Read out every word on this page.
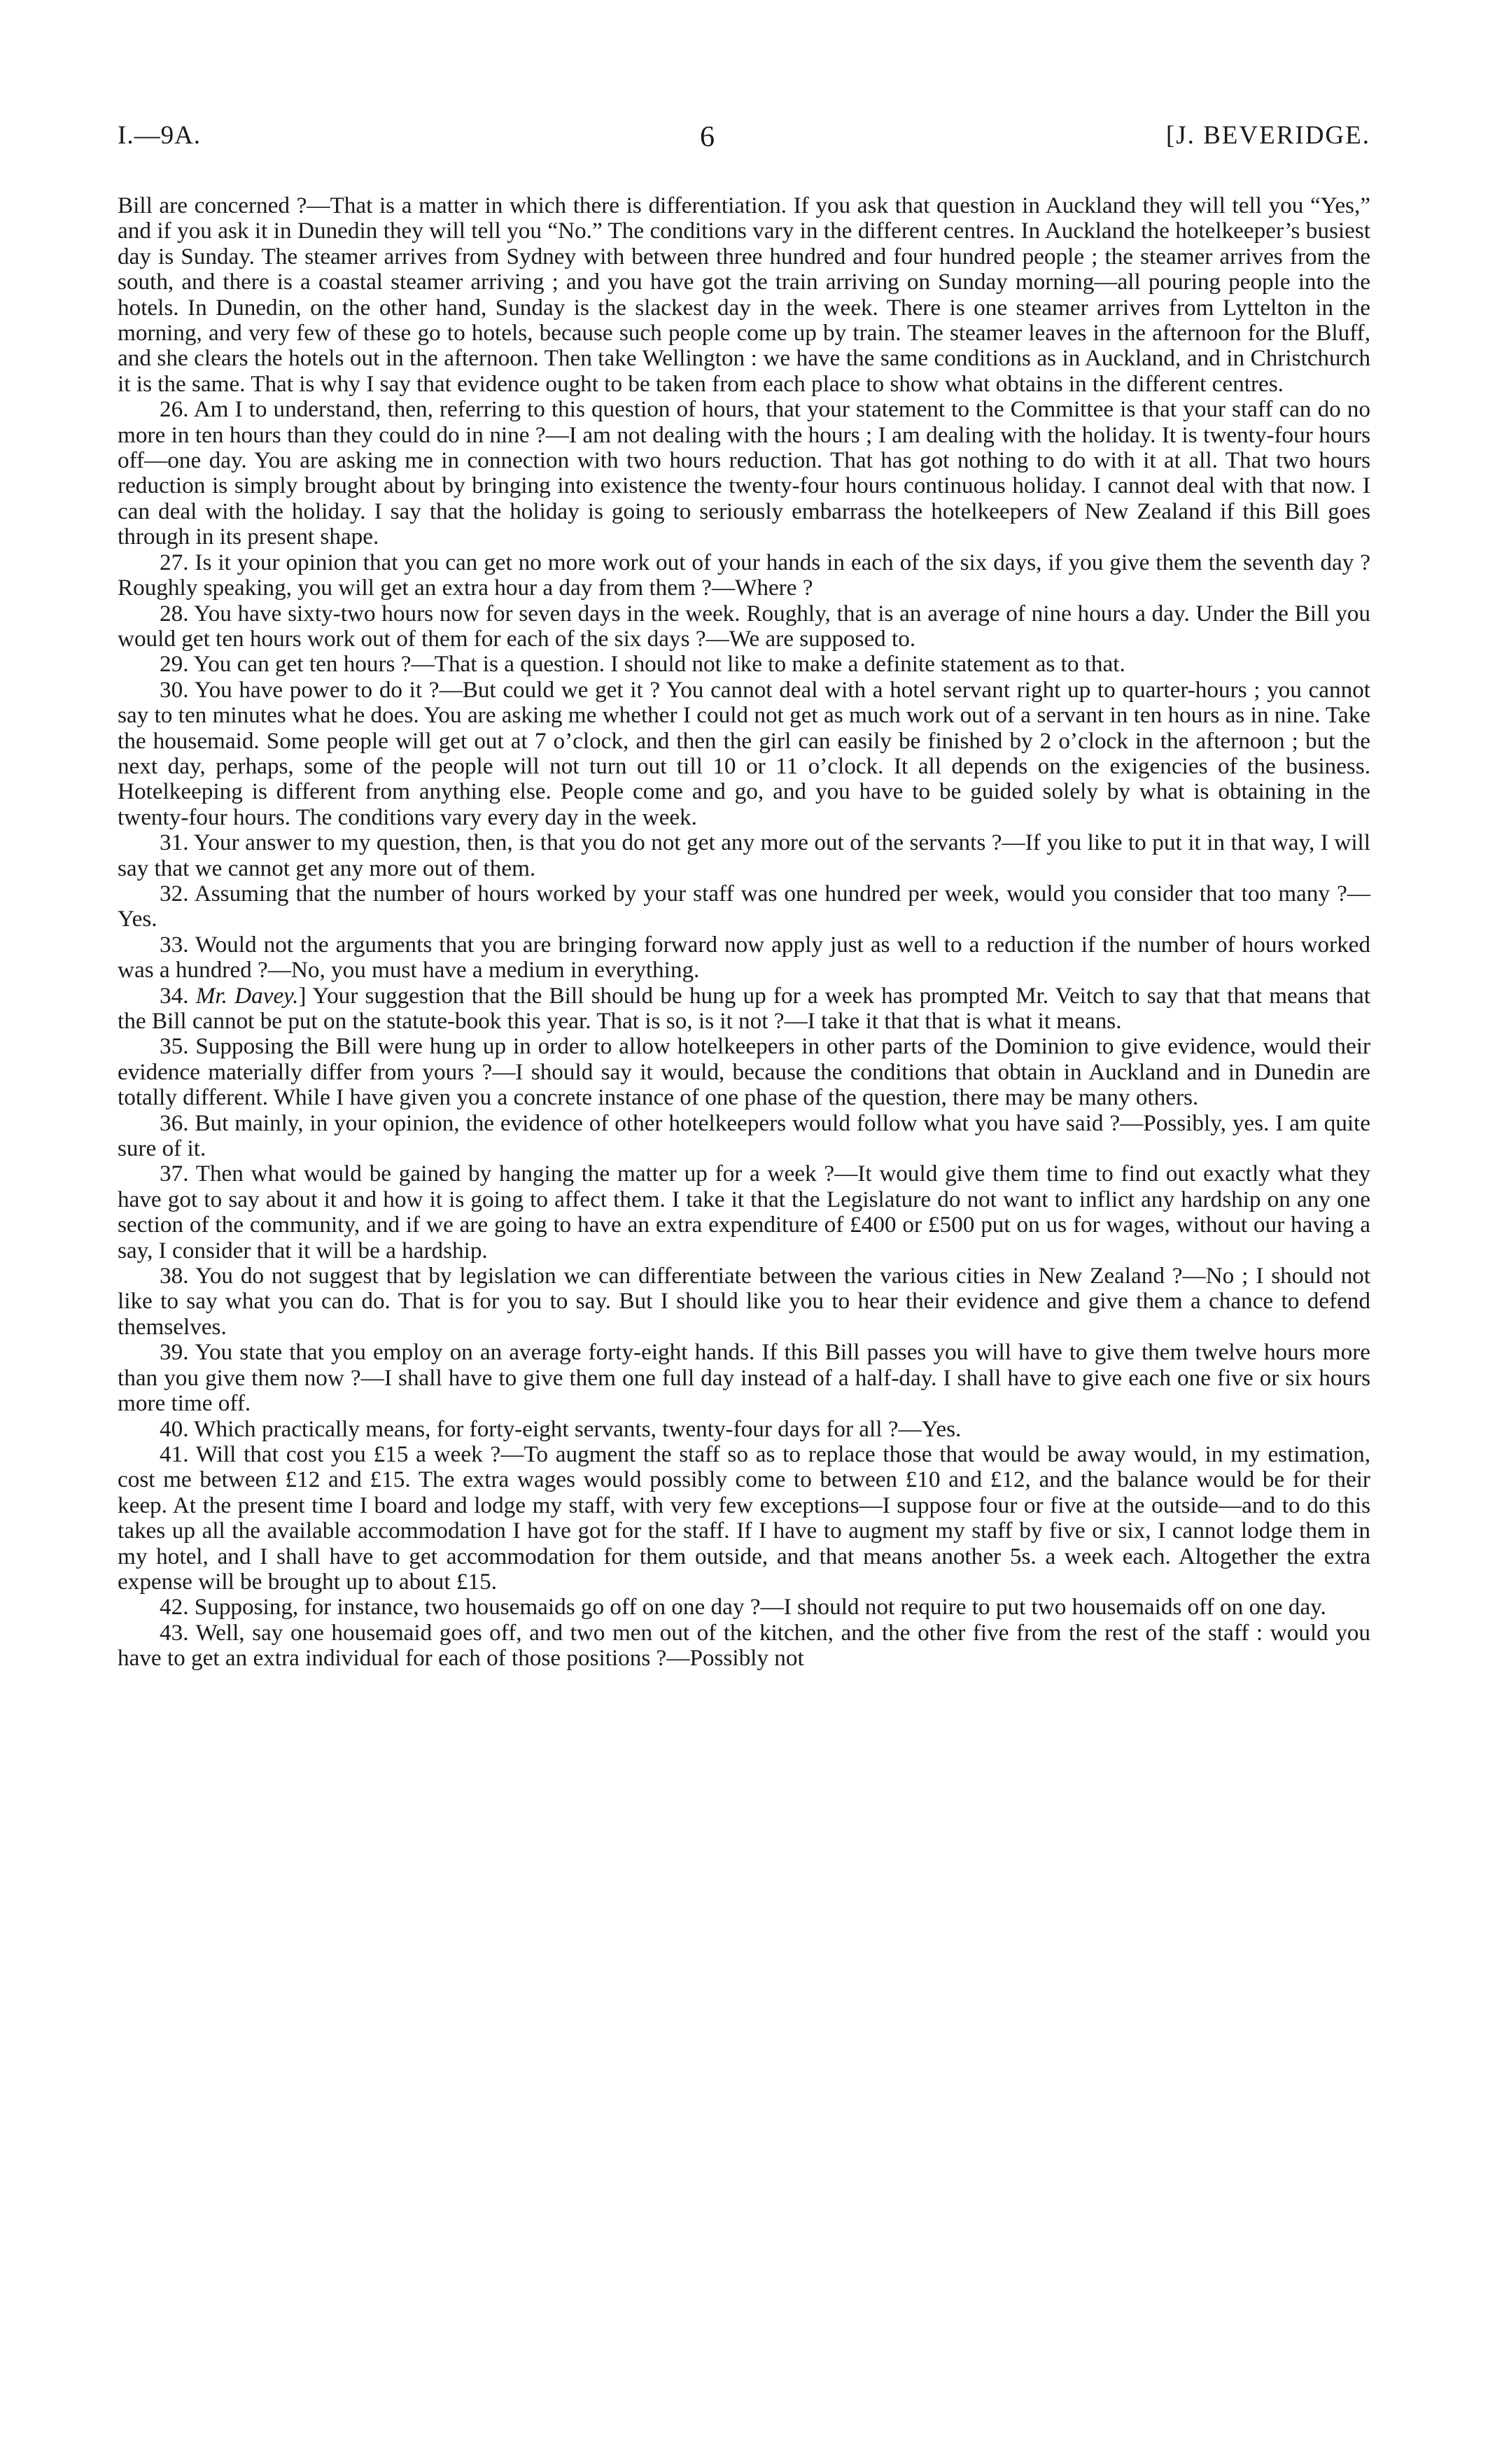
I.—9A.	6	[J. BEVERIDGE.

Bill are concerned ?—That is a matter in which there is differentiation. If you ask that question in Auckland they will tell you “Yes,” and if you ask it in Dunedin they will tell you “No.” The conditions vary in the different centres. In Auckland the hotelkeeper’s busiest day is Sunday. The steamer arrives from Sydney with between three hundred and four hundred people ; the steamer arrives from the south, and there is a coastal steamer arriving ; and you have got the train arriving on Sunday morning—all pouring people into the hotels. In Dunedin, on the other hand, Sunday is the slackest day in the week. There is one steamer arrives from Lyttelton in the morning, and very few of these go to hotels, because such people come up by train. The steamer leaves in the afternoon for the Bluff, and she clears the hotels out in the afternoon. Then take Wellington : we have the same conditions as in Auckland, and in Christchurch it is the same. That is why I say that evidence ought to be taken from each place to show what obtains in the different centres.

26. Am I to understand, then, referring to this question of hours, that your statement to the Committee is that your staff can do no more in ten hours than they could do in nine ?—I am not dealing with the hours ; I am dealing with the holiday. It is twenty-four hours off—one day. You are asking me in connection with two hours reduction. That has got nothing to do with it at all. That two hours reduction is simply brought about by bringing into existence the twenty-four hours continuous holiday. I cannot deal with that now. I can deal with the holiday. I say that the holiday is going to seriously embarrass the hotelkeepers of New Zealand if this Bill goes through in its present shape.

27. Is it your opinion that you can get no more work out of your hands in each of the six days, if you give them the seventh day ? Roughly speaking, you will get an extra hour a day from them ?—Where ?

28. You have sixty-two hours now for seven days in the week. Roughly, that is an average of nine hours a day. Under the Bill you would get ten hours work out of them for each of the six days ?—We are supposed to.

29. You can get ten hours ?—That is a question. I should not like to make a definite statement as to that.

30. You have power to do it ?—But could we get it ? You cannot deal with a hotel servant right up to quarter-hours ; you cannot say to ten minutes what he does. You are asking me whether I could not get as much work out of a servant in ten hours as in nine. Take the housemaid. Some people will get out at 7 o’clock, and then the girl can easily be finished by 2 o’clock in the afternoon ; but the next day, perhaps, some of the people will not turn out till 10 or 11 o’clock. It all depends on the exigencies of the business. Hotelkeeping is different from anything else. People come and go, and you have to be guided solely by what is obtaining in the twenty-four hours. The conditions vary every day in the week.

31. Your answer to my question, then, is that you do not get any more out of the servants ?—If you like to put it in that way, I will say that we cannot get any more out of them.

32. Assuming that the number of hours worked by your staff was one hundred per week, would you consider that too many ?—Yes.

33. Would not the arguments that you are bringing forward now apply just as well to a reduction if the number of hours worked was a hundred ?—No, you must have a medium in everything.

34. Mr. Davey.] Your suggestion that the Bill should be hung up for a week has prompted Mr. Veitch to say that that means that the Bill cannot be put on the statute-book this year. That is so, is it not ?—I take it that that is what it means.

35. Supposing the Bill were hung up in order to allow hotelkeepers in other parts of the Dominion to give evidence, would their evidence materially differ from yours ?—I should say it would, because the conditions that obtain in Auckland and in Dunedin are totally different. While I have given you a concrete instance of one phase of the question, there may be many others.

36. But mainly, in your opinion, the evidence of other hotelkeepers would follow what you have said ?—Possibly, yes. I am quite sure of it.

37. Then what would be gained by hanging the matter up for a week ?—It would give them time to find out exactly what they have got to say about it and how it is going to affect them. I take it that the Legislature do not want to inflict any hardship on any one section of the community, and if we are going to have an extra expenditure of £400 or £500 put on us for wages, without our having a say, I consider that it will be a hardship.

38. You do not suggest that by legislation we can differentiate between the various cities in New Zealand ?—No ; I should not like to say what you can do. That is for you to say. But I should like you to hear their evidence and give them a chance to defend themselves.

39. You state that you employ on an average forty-eight hands. If this Bill passes you will have to give them twelve hours more than you give them now ?—I shall have to give them one full day instead of a half-day. I shall have to give each one five or six hours more time off.

40. Which practically means, for forty-eight servants, twenty-four days for all ?—Yes.

41. Will that cost you £15 a week ?—To augment the staff so as to replace those that would be away would, in my estimation, cost me between £12 and £15. The extra wages would possibly come to between £10 and £12, and the balance would be for their keep. At the present time I board and lodge my staff, with very few exceptions—I suppose four or five at the outside—and to do this takes up all the available accommodation I have got for the staff. If I have to augment my staff by five or six, I cannot lodge them in my hotel, and I shall have to get accommodation for them outside, and that means another 5s. a week each. Altogether the extra expense will be brought up to about £15.

42. Supposing, for instance, two housemaids go off on one day ?—I should not require to put two housemaids off on one day.

43. Well, say one housemaid goes off, and two men out of the kitchen, and the other five from the rest of the staff : would you have to get an extra individual for each of those positions ?—Possibly not
